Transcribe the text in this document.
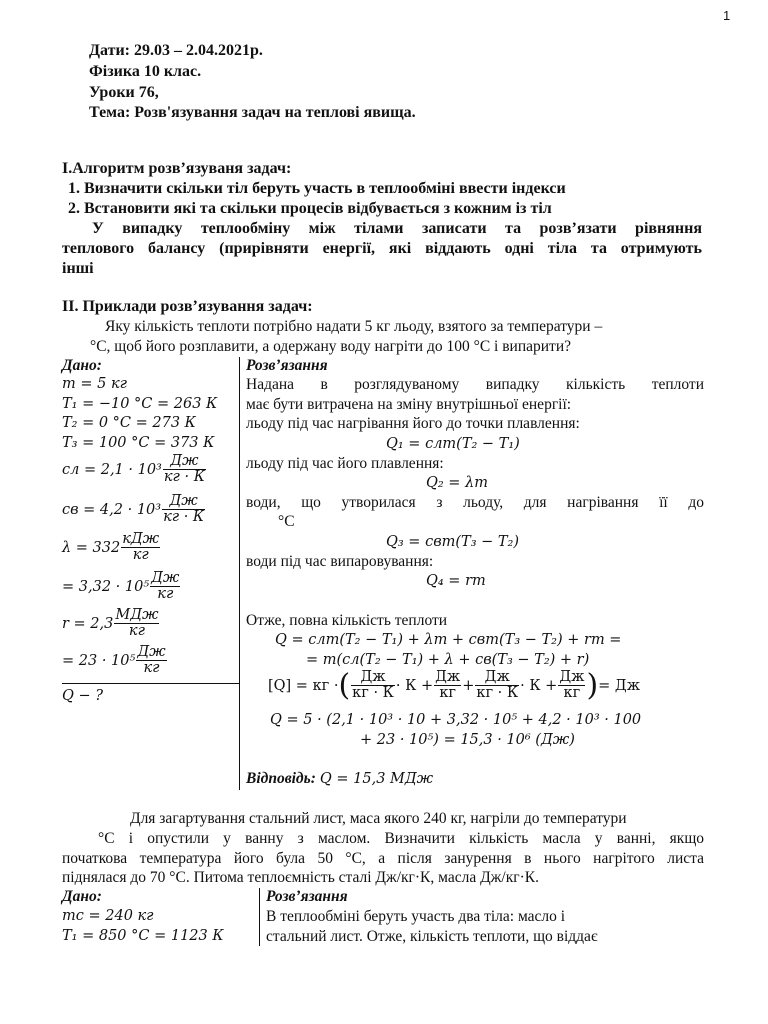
1
Дати: 29.03 – 2.04.2021р.
Фізика 10 клас.
Уроки 76,
Тема: Розв'язування задач на теплові явища.
I.Алгоритм розв’язуваня задач:
1. Визначити скільки тіл беруть участь в теплообміні ввести індекси
2. Встановити які та скільки процесів відбувається з кожним із тіл
У випадку теплообміну між тілами записати та розв’язати рівняння
теплового балансу (прирівняти енергії, які віддають одні тіла та отримують
інші
II. Приклади розв’язування задач:
Яку кількість теплоти потрібно надати 5 кг льоду, взятого за температури –
°C, щоб його розплавити, а одержану воду нагріти до 100 °С і випарити?
Дано:
m = 5 кг
T₁ = −10 °C = 263 К
T₂ = 0 °C = 273 К
T₃ = 100 °C = 373 К
cл = $2,1 \cdot 10^3 \frac{Дж}{кг \cdot К}$
cв = $4,2 \cdot 10^3 \frac{Дж}{кг \cdot К}$
$\lambda = 332 \frac{\text{кДж}}{кг}$
= $3,32 \cdot 10^5 \frac{Дж}{кг}$
$r = 2,3 \frac{\text{МДж}}{кг}$
= $23 \cdot 10^5 \frac{Дж}{кг}$
Q − ?
Розв’язання
Надана в розглядуваному випадку кількість теплоти
має бути витрачена на зміну внутрішньої енергії:
льоду під час нагрівання його до точки плавлення:
Q₁ = cлm(T₂ − T₁)
льоду під час його плавлення:
Q₂ = λm
води, що утворилася з льоду, для нагрівання її до
°C
Q₃ = cвm(T₃ − T₂)
води під час випаровування:
Q₄ = rm
Отже, повна кількість теплоти
Q = cлm(T₂ − T₁) + λm + cвm(T₃ − T₂) + rm =
= m(cл(T₂ − T₁) + λ + cв(T₃ − T₂) + r)
[Q] = кг · ( $\frac{Дж}{кг \cdot К} \cdot К + \frac{Дж}{кг} + \frac{Дж}{кг \cdot К} \cdot К + \frac{Дж}{кг}$ ) = Дж
Q = 5 · (2,1 · 10³ · 10 + 3,32 · 10⁵ + 4,2 · 10³ · 100
+ 23 · 10⁵) = 15,3 · 10⁶ (Дж)
Відповідь: Q = 15,3 МДж
Для загартування стальний лист, маса якого 240 кг, нагріли до температури
°C і опустили у ванну з маслом. Визначити кількість масла у ванні, якщо
початкова температура його була 50 °С, а після занурення в нього нагрітого листа
піднялася до 70 °С. Питома теплоємність сталі Дж/кг·К, масла Дж/кг·К.
Дано:
mc = 240 кг
T₁ = 850 °C = 1123 К
Розв’язання
В теплообміні беруть участь два тіла: масло і
стальний лист. Отже, кількість теплоти, що віддає
